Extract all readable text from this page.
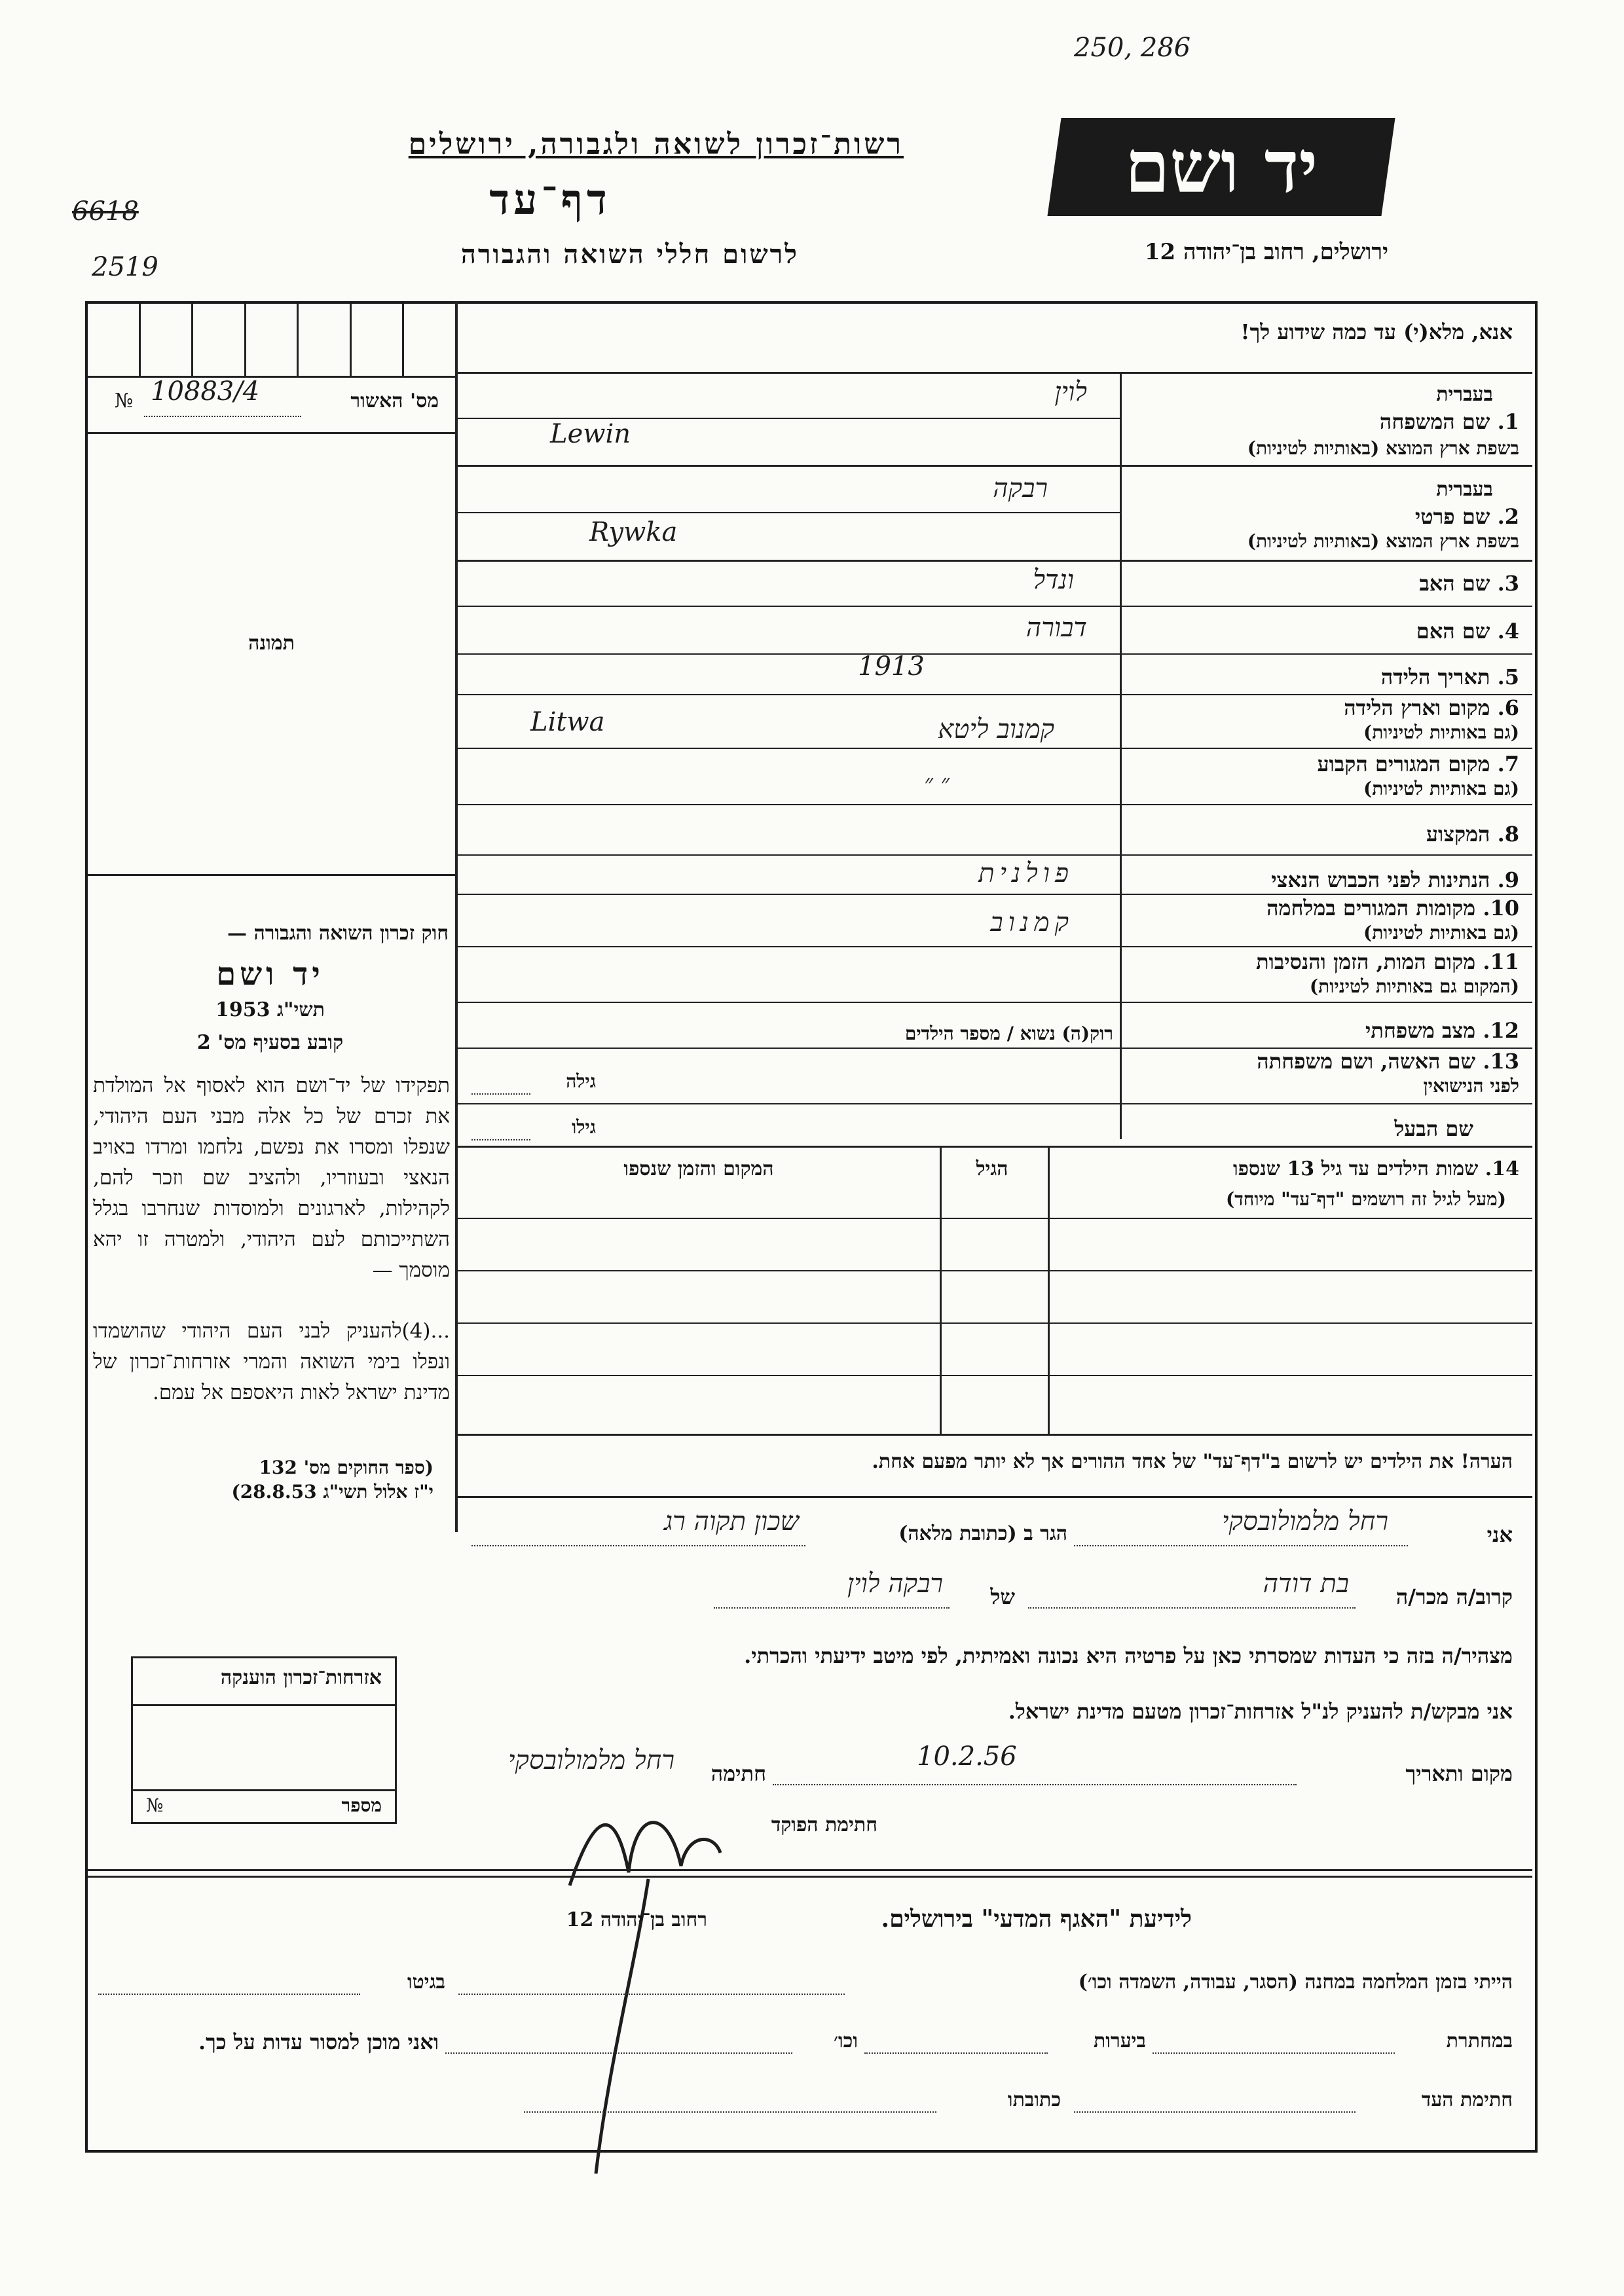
250, 286
6618
2519
רשות־זכרון לשואה ולגבורה, ירושלים
דף־עד
לרשום חללי השואה והגבורה
יד ושם
ירושלים, רחוב בן־יהודה 12
מס' האשור
№ 10883/4
תמונה
חוק זכרון השואה והגבורה —
יד ושם
1953 תשי"ג
קובע בסעיף מס' 2
תפקידו של יד־ושם הוא לאסוף אל המולדת את זכרם של כל אלה מבני העם היהודי, שנפלו ומסרו את נפשם, נלחמו ומרדו באויב הנאצי ובעוזריו, ולהציב שם וזכר להם, לקהילות, לארגונים ולמוסדות שנחרבו בגלל השתייכותם לעם היהודי, ולמטרה זו יהא מוסמך —
...(4)להעניק לבני העם היהודי שהושמדו ונפלו בימי השואה והמרי אזרחות־זכרון של מדינת ישראל לאות היאספם אל עמם.
(ספר החוקים מס' 132
י"ז אלול תשי"ג 28.8.53)
אנא, מלא(י) עד כמה שידוע לך!
בעברית
1. שם המשפחה
בשפת ארץ המוצא (באותיות לטיניות)
לוין
Lewin
בעברית
2. שם פרטי
בשפת ארץ המוצא (באותיות לטיניות)
רבקה
Rywka
3. שם האב
ונדל
4. שם האם
דבורה
5. תאריך הלידה
1913
6. מקום וארץ הלידה
(גם באותיות לטיניות)
קמנוב ליטא
Litwa
7. מקום המגורים הקבוע
(גם באותיות לטיניות)
״ ״
8. המקצוע
9. הנתינות לפני הכבוש הנאצי
פולנית
10. מקומות המגורים במלחמה
(גם באותיות לטיניות)
קמנוב
11. מקום המות, הזמן והנסיבות
(המקום גם באותיות לטיניות)
12. מצב משפחתי
רוק(ה) נשוא / מספר הילדים
13. שם האשה, ושם משפחתה
לפני הנישואין
גילה
שם הבעל
גילו
14. שמות הילדים עד גיל 13 שנספו
(מעל לגיל זה רושמים "דף־עד" מיוחד)
הגיל
המקום והזמן שנספו
הערה! את הילדים יש לרשום ב"דף־עד" של אחד ההורים אך לא יותר מפעם אחת.
אני
רחל מלמולובסקי
הגר ב (כתובת מלאה)
שכון תקוה רג
קרוב/ה מכר/ה
בת דודה
של
רבקה לוין
מצהיר/ה בזה כי העדות שמסרתי כאן על פרטיה היא נכונה ואמיתית, לפי מיטב ידיעתי והכרתי.
אני מבקש/ת להעניק לנ"ל אזרחות־זכרון מטעם מדינת ישראל.
מקום ותאריך
10.2.56
חתימה
רחל מלמולובסקי
חתימת הפוקד
אזרחות־זכרון הוענקה
מספר
№
לידיעת "האגף המדעי" בירושלים.
רחוב בן־יהודה 12
הייתי בזמן המלחמה במחנה (הסגר, עבודה, השמדה וכו׳)
בגיטו
במחתרת
ביערות
וכו׳
ואני מוכן למסור עדות על כך.
חתימת העד
כתובתו
